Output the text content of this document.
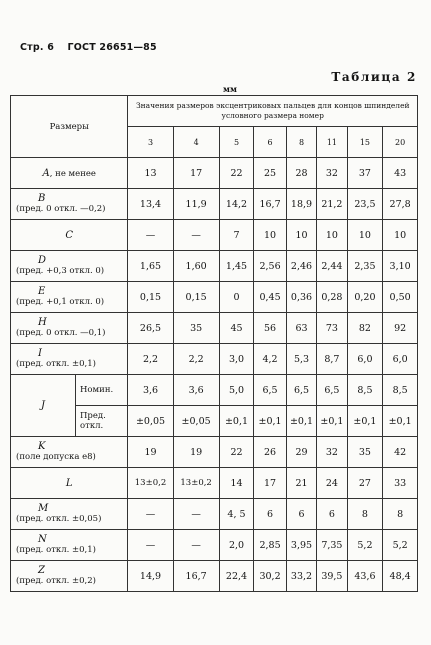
Стр. 6 ГОСТ 26651—85
Таблица 2
мм
Размеры		Значения размеров эксцентриковых пальцев для концов шпинделей условного размера номер							
		3	4	5	6	8	11	15	20
A, не менее		13	17	22	25	28	32	37	43
B
(пред. 0 откл. —0,2)		13,4	11,9	14,2	16,7	18,9	21,2	23,5	27,8
C		—	—	7	10	10	10	10	10
D
(пред. +0,3 откл. 0)		1,65	1,60	1,45	2,56	2,46	2,44	2,35	3,10
E
(пред. +0,1 откл. 0)		0,15	0,15	0	0,45	0,36	0,28	0,20	0,50
H
(пред. 0 откл. —0,1)		26,5	35	45	56	63	73	82	92
I
(пред. откл. ±0,1)		2,2	2,2	3,0	4,2	5,3	8,7	6,0	6,0
J	Номин.	3,6	3,6	5,0	6,5	6,5	6,5	8,5	8,5
	Пред. откл.	±0,05	±0,05	±0,1	±0,1	±0,1	±0,1	±0,1	±0,1
K
(поле допуска е8)		19	19	22	26	29	32	35	42
L		13±0,2	13±0,2	14	17	21	24	27	33
M
(пред. откл. ±0,05)		—	—	4, 5	6	6	6	8	8
N
(пред. откл. ±0,1)		—	—	2,0	2,85	3,95	7,35	5,2	5,2
Z
(пред. откл. ±0,2)		14,9	16,7	22,4	30,2	33,2	39,5	43,6	48,4
